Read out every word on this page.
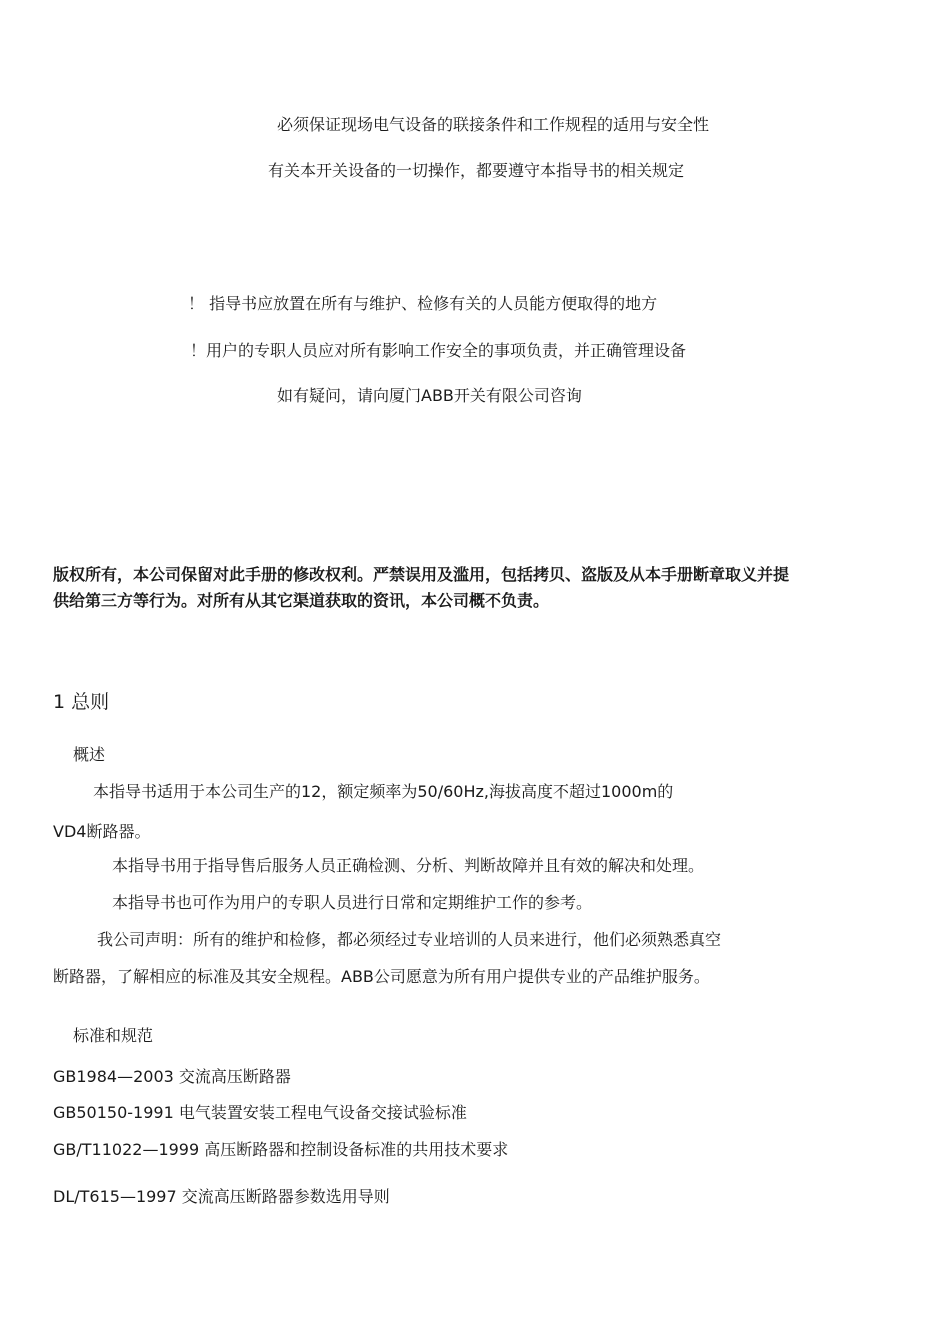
必须保证现场电气设备的联接条件和工作规程的适用与安全性
有关本开关设备的一切操作，都要遵守本指导书的相关规定
！ 指导书应放置在所有与维护、检修有关的人员能方便取得的地方
！用户的专职人员应对所有影响工作安全的事项负责，并正确管理设备
如有疑问，请向厦门ABB开关有限公司咨询
版权所有，本公司保留对此手册的修改权利。严禁误用及滥用，包括拷贝、盗版及从本手册断章取义并提
供给第三方等行为。对所有从其它渠道获取的资讯，本公司概不负责。
1 总则
概述
本指导书适用于本公司生产的12，额定频率为50/60Hz,海拔高度不超过1000m的
VD4断路器。
本指导书用于指导售后服务人员正确检测、分析、判断故障并且有效的解决和处理。
本指导书也可作为用户的专职人员进行日常和定期维护工作的参考。
我公司声明：所有的维护和检修，都必须经过专业培训的人员来进行，他们必须熟悉真空
断路器，了解相应的标准及其安全规程。ABB公司愿意为所有用户提供专业的产品维护服务。
标准和规范
GB1984—2003 交流高压断路器
GB50150-1991 电气装置安装工程电气设备交接试验标准
GB/T11022—1999 高压断路器和控制设备标准的共用技术要求
DL/T615—1997 交流高压断路器参数选用导则
